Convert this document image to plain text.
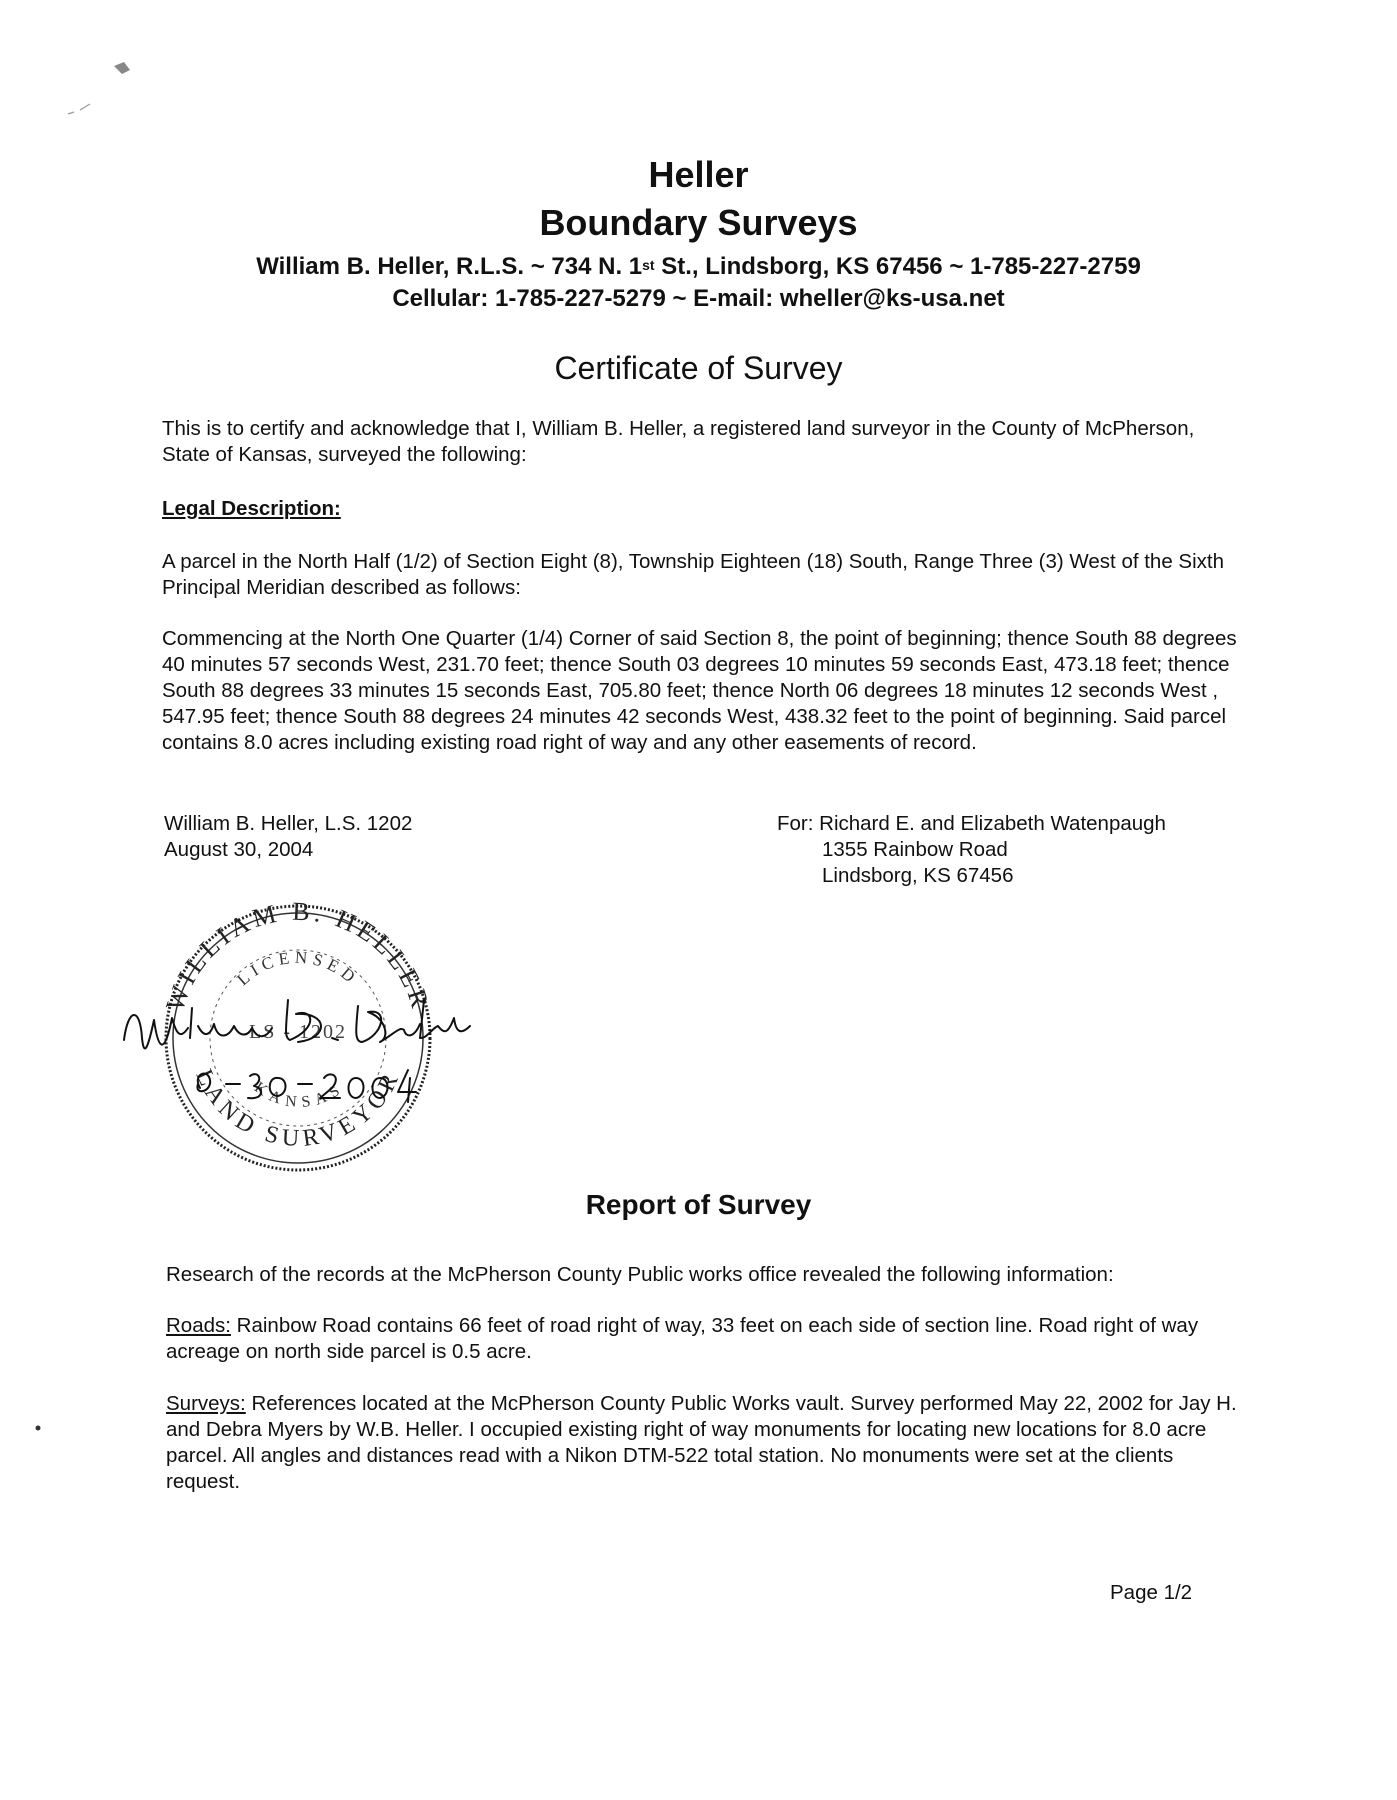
Heller
Boundary Surveys
William B. Heller, R.L.S. ~ 734 N. 1st St., Lindsborg, KS 67456 ~ 1-785-227-2759
Cellular: 1-785-227-5279 ~ E-mail: wheller@ks-usa.net
Certificate of Survey
This is to certify and acknowledge that I, William B. Heller, a registered land surveyor in the County of McPherson, State of Kansas, surveyed the following:
Legal Description:
A parcel in the North Half (1/2) of Section Eight (8), Township Eighteen (18) South, Range Three (3) West of the Sixth Principal Meridian described as follows:
Commencing at the North One Quarter (1/4) Corner of said Section 8, the point of beginning; thence South 88 degrees 40 minutes 57 seconds West, 231.70 feet; thence South 03 degrees 10 minutes 59 seconds East, 473.18 feet; thence South 88 degrees 33 minutes 15 seconds East, 705.80 feet; thence North 06 degrees 18 minutes 12 seconds West , 547.95 feet; thence South 88 degrees 24 minutes 42 seconds West, 438.32 feet to the point of beginning. Said parcel contains 8.0 acres including existing road right of way and any other easements of record.
William B. Heller, L.S. 1202
August 30, 2004
For: Richard E. and Elizabeth Watenpaugh
1355 Rainbow Road
Lindsborg, KS 67456
WILLIAM B. HELLER
LICENSED
LS - 1202
KANSAS
LAND SURVEYOR
Report of Survey
Research of the records at the McPherson County Public works office revealed the following information:
Roads: Rainbow Road contains 66 feet of road right of way, 33 feet on each side of section line. Road right of way acreage on north side parcel is 0.5 acre.
Surveys: References located at the McPherson County Public Works vault. Survey performed May 22, 2002 for Jay H. and Debra Myers by W.B. Heller. I occupied existing right of way monuments for locating new locations for 8.0 acre parcel. All angles and distances read with a Nikon DTM-522 total station. No monuments were set at the clients request.
Page 1/2
